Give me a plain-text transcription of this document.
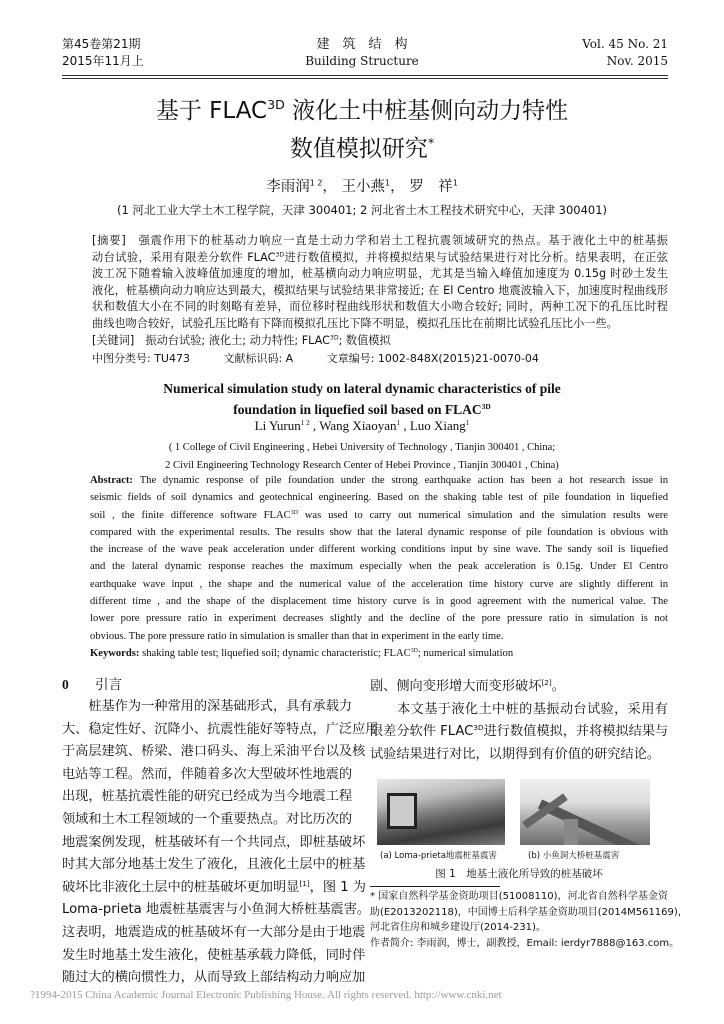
第45卷第21期
2015年11月上
建　筑　结　构
Building Structure
Vol. 45 No. 21
Nov. 2015
基于 $FLAC^{3D}$ 液化土中桩基侧向动力特性
数值模拟研究*
李雨润$^{1 2}$， 王小燕$^1$， 罗　祥$^1$
(1 河北工业大学土木工程学院，天津 300401; 2 河北省土木工程技术研究中心，天津 300401)
[摘要]　强震作用下的桩基动力响应一直是土动力学和岩土工程抗震领域研究的热点。基于液化土中的桩基振
动台试验，采用有限差分软件 $FLAC^{3D}$进行数值模拟，并将模拟结果与试验结果进行对比分析。结果表明，在正弦
波工况下随着输入波峰值加速度的增加，桩基横向动力响应明显，尤其是当输入峰值加速度为 0.15g 时砂土发生
液化，桩基横向动力响应达到最大，模拟结果与试验结果非常接近; 在 El Centro 地震波输入下，加速度时程曲线形
状和数值大小在不同的时刻略有差异，而位移时程曲线形状和数值大小吻合较好; 同时，两种工况下的孔压比时程
曲线也吻合较好，试验孔压比略有下降而模拟孔压比下降不明显，模拟孔压比在前期比试验孔压比小一些。
[关键词]　振动台试验; 液化土; 动力特性; $FLAC^{3D}$; 数值模拟
中图分类号: TU473	文献标识码: A	文章编号: 1002-848X(2015)21-0070-04
Numerical simulation study on lateral dynamic characteristics of pile
foundation in liquefied soil based on $FLAC^{3D}$
Li Yurun$^{1 2}$ , Wang Xiaoyan$^1$ , Luo Xiang$^1$
( 1 College of Civil Engineering , Hebei University of Technology , Tianjin 300401 , China;
2 Civil Engineering Technology Research Center of Hebei Province , Tianjin 300401 , China)
Abstract: The dynamic response of pile foundation under the strong earthquake action has been a hot research issue in
seismic fields of soil dynamics and geotechnical engineering. Based on the shaking table test of pile foundation in liquefied
soil , the finite difference software $FLAC^{3D}$ was used to carry out numerical simulation and the simulation results were
compared with the experimental results. The results show that the lateral dynamic response of pile foundation is obvious with
the increase of the wave peak acceleration under different working conditions input by sine wave. The sandy soil is liquefied
and the lateral dynamic response reaches the maximum especially when the peak acceleration is 0.15g. Under El Centro
earthquake wave input , the shape and the numerical value of the acceleration time history curve are slightly different in
different time , and the shape of the displacement time history curve is in good agreement with the numerical value. The
lower pore pressure ratio in experiment decreases slightly and the decline of the pore pressure ratio in simulation is not
obvious. The pore pressure ratio in simulation is smaller than that in experiment in the early time.
Keywords: shaking table test; liquefied soil; dynamic characteristic; $FLAC^{3D}$; numerical simulation
0 引言
　　桩基作为一种常用的深基础形式，具有承载力
大、稳定性好、沉降小、抗震性能好等特点，广泛应用
于高层建筑、桥梁、港口码头、海上采油平台以及核
电站等工程。然而，伴随着多次大型破坏性地震的
出现，桩基抗震性能的研究已经成为当今地震工程
领域和土木工程领域的一个重要热点。对比历次的
地震案例发现，桩基破坏有一个共同点，即桩基破坏
时其大部分地基土发生了液化，且液化土层中的桩基
破坏比非液化土层中的桩基破坏更加明显[1]，图 1 为
Loma-prieta 地震桩基震害与小鱼洞大桥桩基震害。
这表明，地震造成的桩基破坏有一大部分是由于地震
发生时地基土发生液化，使桩基承载力降低，同时伴
随过大的横向惯性力，从而导致上部结构动力响应加
剧、侧向变形增大而变形破坏[2]。
　　本文基于液化土中桩的基振动台试验，采用有
限差分软件 $FLAC^{3D}$进行数值模拟，并将模拟结果与
试验结果进行对比，以期得到有价值的研究结论。
(a) Loma-prieta地震桩基震害	(b) 小鱼洞大桥桩基震害
图 1　地基土液化所导致的桩基破坏
* 国家自然科学基金资助项目(51008110)，河北省自然科学基金资
助(E2013202118)，中国博士后科学基金资助项目(2014M561169)，
河北省住房和城乡建设厅(2014-231)。
作者简介: 李雨润，博士，副教授，Email: ierdyr7888@163.com。
?1994-2015 China Academic Journal Electronic Publishing House. All rights reserved. http://www.cnki.net
